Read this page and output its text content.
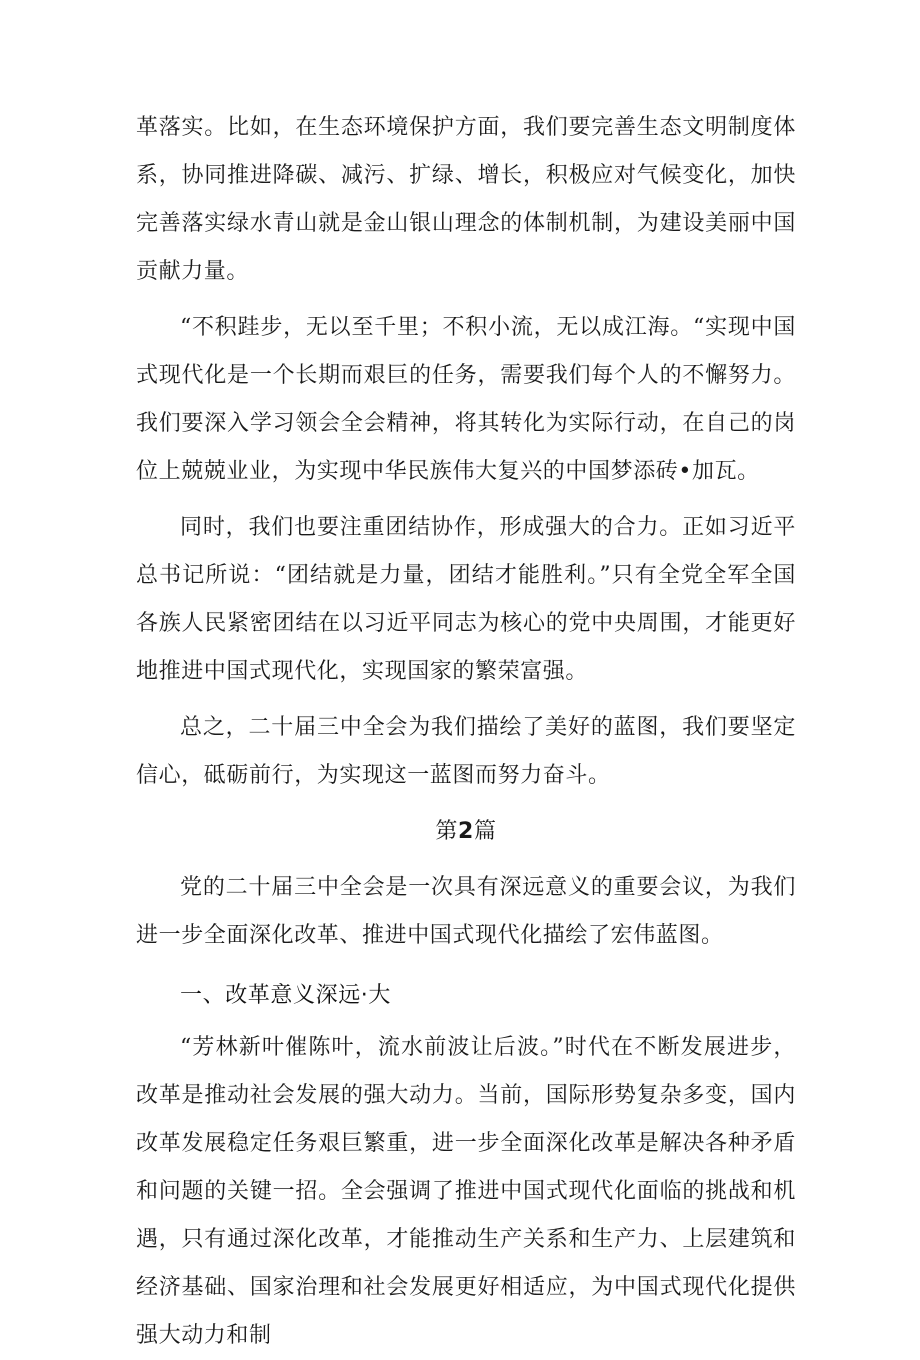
革落实。比如，在生态环境保护方面，我们要完善生态文明制度体系，协同推进降碳、减污、扩绿、增长，积极应对气候变化，加快完善落实绿水青山就是金山银山理念的体制机制，为建设美丽中国贡献力量。

“不积跬步，无以至千里；不积小流，无以成江海。“实现中国式现代化是一个长期而艰巨的任务，需要我们每个人的不懈努力。我们要深入学习领会全会精神，将其转化为实际行动，在自己的岗位上兢兢业业，为实现中华民族伟大复兴的中国梦添砖•加瓦。

同时，我们也要注重团结协作，形成强大的合力。正如习近平总书记所说：“团结就是力量，团结才能胜利。”只有全党全军全国各族人民紧密团结在以习近平同志为核心的党中央周围，才能更好地推进中国式现代化，实现国家的繁荣富强。

总之，二十届三中全会为我们描绘了美好的蓝图，我们要坚定信心，砥砺前行，为实现这一蓝图而努力奋斗。

第2篇

党的二十届三中全会是一次具有深远意义的重要会议，为我们进一步全面深化改革、推进中国式现代化描绘了宏伟蓝图。

一、改革意义深远·大

“芳林新叶催陈叶，流水前波让后波。”时代在不断发展进步，改革是推动社会发展的强大动力。当前，国际形势复杂多变，国内改革发展稳定任务艰巨繁重，进一步全面深化改革是解决各种矛盾和问题的关键一招。全会强调了推进中国式现代化面临的挑战和机遇，只有通过深化改革，才能推动生产关系和生产力、上层建筑和经济基础、国家治理和社会发展更好相适应，为中国式现代化提供强大动力和制
